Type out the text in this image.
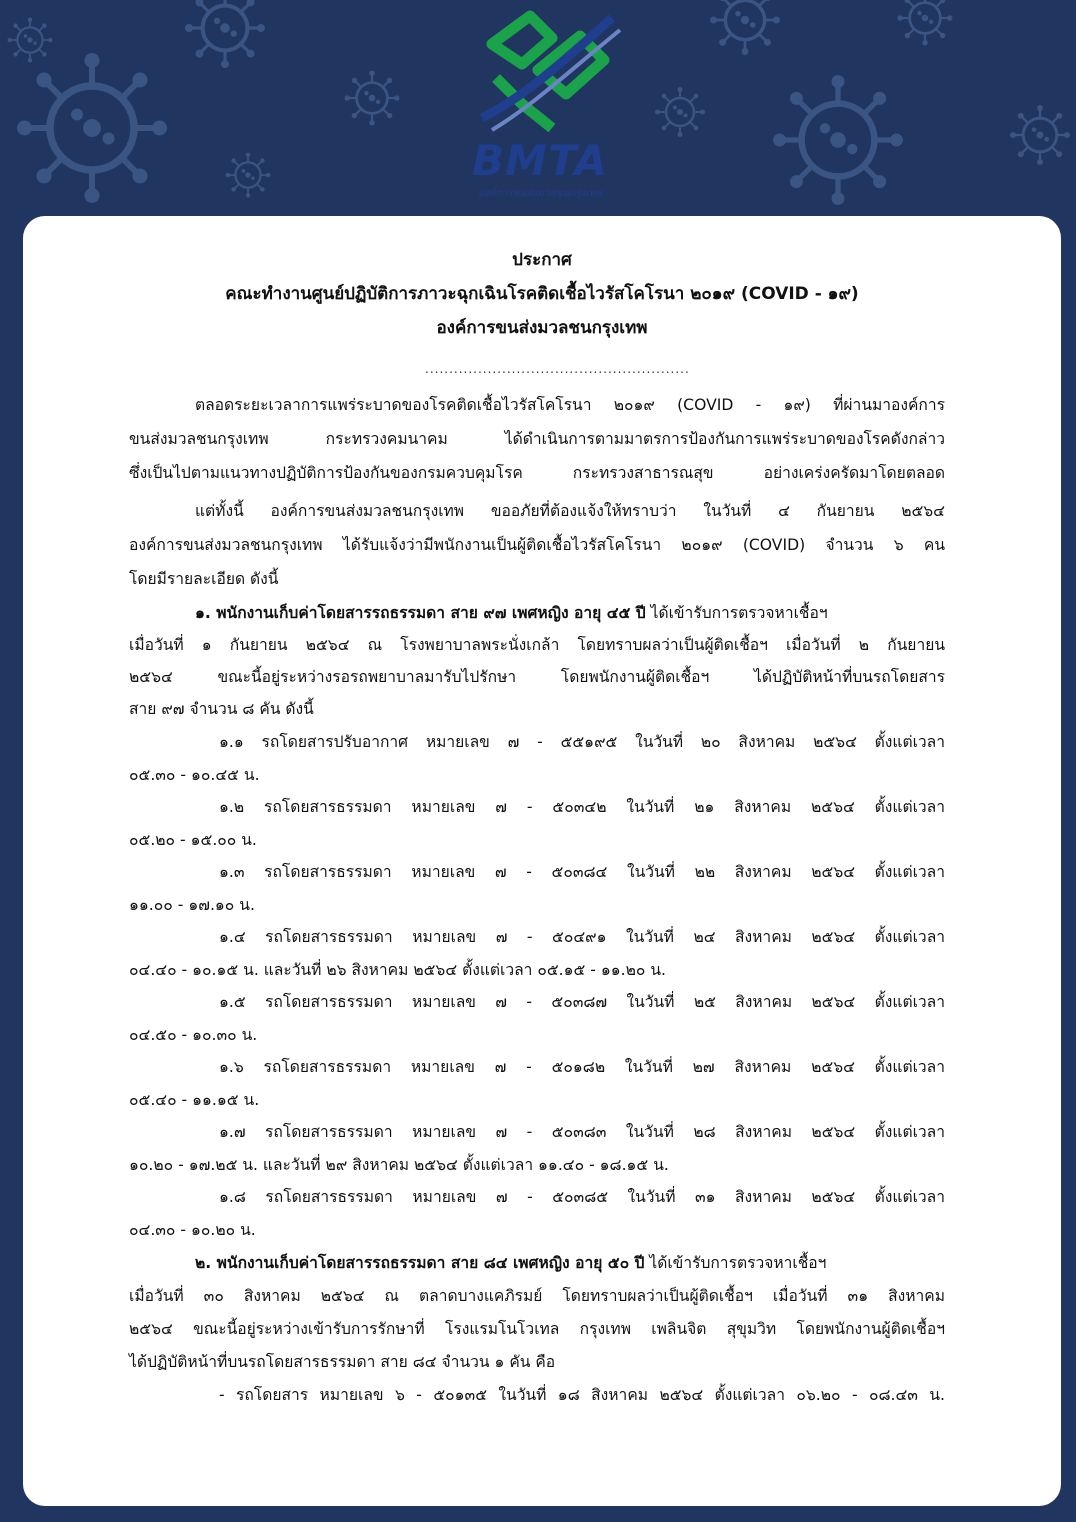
BMTA
องค์การขนส่งมวลชนกรุงเทพ
ประกาศ
คณะทำงานศูนย์ปฏิบัติการภาวะฉุกเฉินโรคติดเชื้อไวรัสโคโรนา ๒๐๑๙ (COVID - ๑๙)
องค์การขนส่งมวลชนกรุงเทพ
.......................................................
ตลอดระยะเวลาการแพร่ระบาดของโรคติดเชื้อไวรัสโคโรนา ๒๐๑๙ (COVID - ๑๙) ที่ผ่านมาองค์การ
ขนส่งมวลชนกรุงเทพ กระทรวงคมนาคม ได้ดำเนินการตามมาตรการป้องกันการแพร่ระบาดของโรคดังกล่าว
ซึ่งเป็นไปตามแนวทางปฏิบัติการป้องกันของกรมควบคุมโรค กระทรวงสาธารณสุข อย่างเคร่งครัดมาโดยตลอด
แต่ทั้งนี้ องค์การขนส่งมวลชนกรุงเทพ ขออภัยที่ต้องแจ้งให้ทราบว่า ในวันที่ ๔ กันยายน ๒๕๖๔
องค์การขนส่งมวลชนกรุงเทพ ได้รับแจ้งว่ามีพนักงานเป็นผู้ติดเชื้อไวรัสโคโรนา ๒๐๑๙ (COVID) จำนวน ๖ คน
โดยมีรายละเอียด ดังนี้
๑. พนักงานเก็บค่าโดยสารรถธรรมดา สาย ๙๗ เพศหญิง อายุ ๔๕ ปี ได้เข้ารับการตรวจหาเชื้อฯ
เมื่อวันที่ ๑ กันยายน ๒๕๖๔ ณ โรงพยาบาลพระนั่งเกล้า โดยทราบผลว่าเป็นผู้ติดเชื้อฯ เมื่อวันที่ ๒ กันยายน
๒๕๖๔ ขณะนี้อยู่ระหว่างรอรถพยาบาลมารับไปรักษา โดยพนักงานผู้ติดเชื้อฯ ได้ปฏิบัติหน้าที่บนรถโดยสาร
สาย ๙๗ จำนวน ๘ คัน ดังนี้
๑.๑ รถโดยสารปรับอากาศ หมายเลข ๗ - ๕๕๑๙๕ ในวันที่ ๒๐ สิงหาคม ๒๕๖๔ ตั้งแต่เวลา
๐๕.๓๐ - ๑๐.๔๕ น.
๑.๒ รถโดยสารธรรมดา หมายเลข ๗ - ๕๐๓๔๒ ในวันที่ ๒๑ สิงหาคม ๒๕๖๔ ตั้งแต่เวลา
๐๕.๒๐ - ๑๕.๐๐ น.
๑.๓ รถโดยสารธรรมดา หมายเลข ๗ - ๕๐๓๘๔ ในวันที่ ๒๒ สิงหาคม ๒๕๖๔ ตั้งแต่เวลา
๑๑.๐๐ - ๑๗.๑๐ น.
๑.๔ รถโดยสารธรรมดา หมายเลข ๗ - ๕๐๔๙๑ ในวันที่ ๒๔ สิงหาคม ๒๕๖๔ ตั้งแต่เวลา
๐๔.๔๐ - ๑๐.๑๕ น. และวันที่ ๒๖ สิงหาคม ๒๕๖๔ ตั้งแต่เวลา ๐๕.๑๕ - ๑๑.๒๐ น.
๑.๕ รถโดยสารธรรมดา หมายเลข ๗ - ๕๐๓๘๗ ในวันที่ ๒๕ สิงหาคม ๒๕๖๔ ตั้งแต่เวลา
๐๔.๕๐ - ๑๐.๓๐ น.
๑.๖ รถโดยสารธรรมดา หมายเลข ๗ - ๕๐๑๘๒ ในวันที่ ๒๗ สิงหาคม ๒๕๖๔ ตั้งแต่เวลา
๐๕.๔๐ - ๑๑.๑๕ น.
๑.๗ รถโดยสารธรรมดา หมายเลข ๗ - ๕๐๓๘๓ ในวันที่ ๒๘ สิงหาคม ๒๕๖๔ ตั้งแต่เวลา
๑๐.๒๐ - ๑๗.๒๕ น. และวันที่ ๒๙ สิงหาคม ๒๕๖๔ ตั้งแต่เวลา ๑๑.๔๐ - ๑๘.๑๕ น.
๑.๘ รถโดยสารธรรมดา หมายเลข ๗ - ๕๐๓๘๕ ในวันที่ ๓๑ สิงหาคม ๒๕๖๔ ตั้งแต่เวลา
๐๔.๓๐ - ๑๐.๒๐ น.
๒. พนักงานเก็บค่าโดยสารรถธรรมดา สาย ๘๔ เพศหญิง อายุ ๕๐ ปี ได้เข้ารับการตรวจหาเชื้อฯ
เมื่อวันที่ ๓๐ สิงหาคม ๒๕๖๔ ณ ตลาดบางแคภิรมย์ โดยทราบผลว่าเป็นผู้ติดเชื้อฯ เมื่อวันที่ ๓๑ สิงหาคม
๒๕๖๔ ขณะนี้อยู่ระหว่างเข้ารับการรักษาที่ โรงแรมโนโวเทล กรุงเทพ เพลินจิต สุขุมวิท โดยพนักงานผู้ติดเชื้อฯ
ได้ปฏิบัติหน้าที่บนรถโดยสารธรรมดา สาย ๘๔ จำนวน ๑ คัน คือ
- รถโดยสาร หมายเลข ๖ - ๕๐๑๓๕ ในวันที่ ๑๘ สิงหาคม ๒๕๖๔ ตั้งแต่เวลา ๐๖.๒๐ - ๐๘.๔๓ น.
